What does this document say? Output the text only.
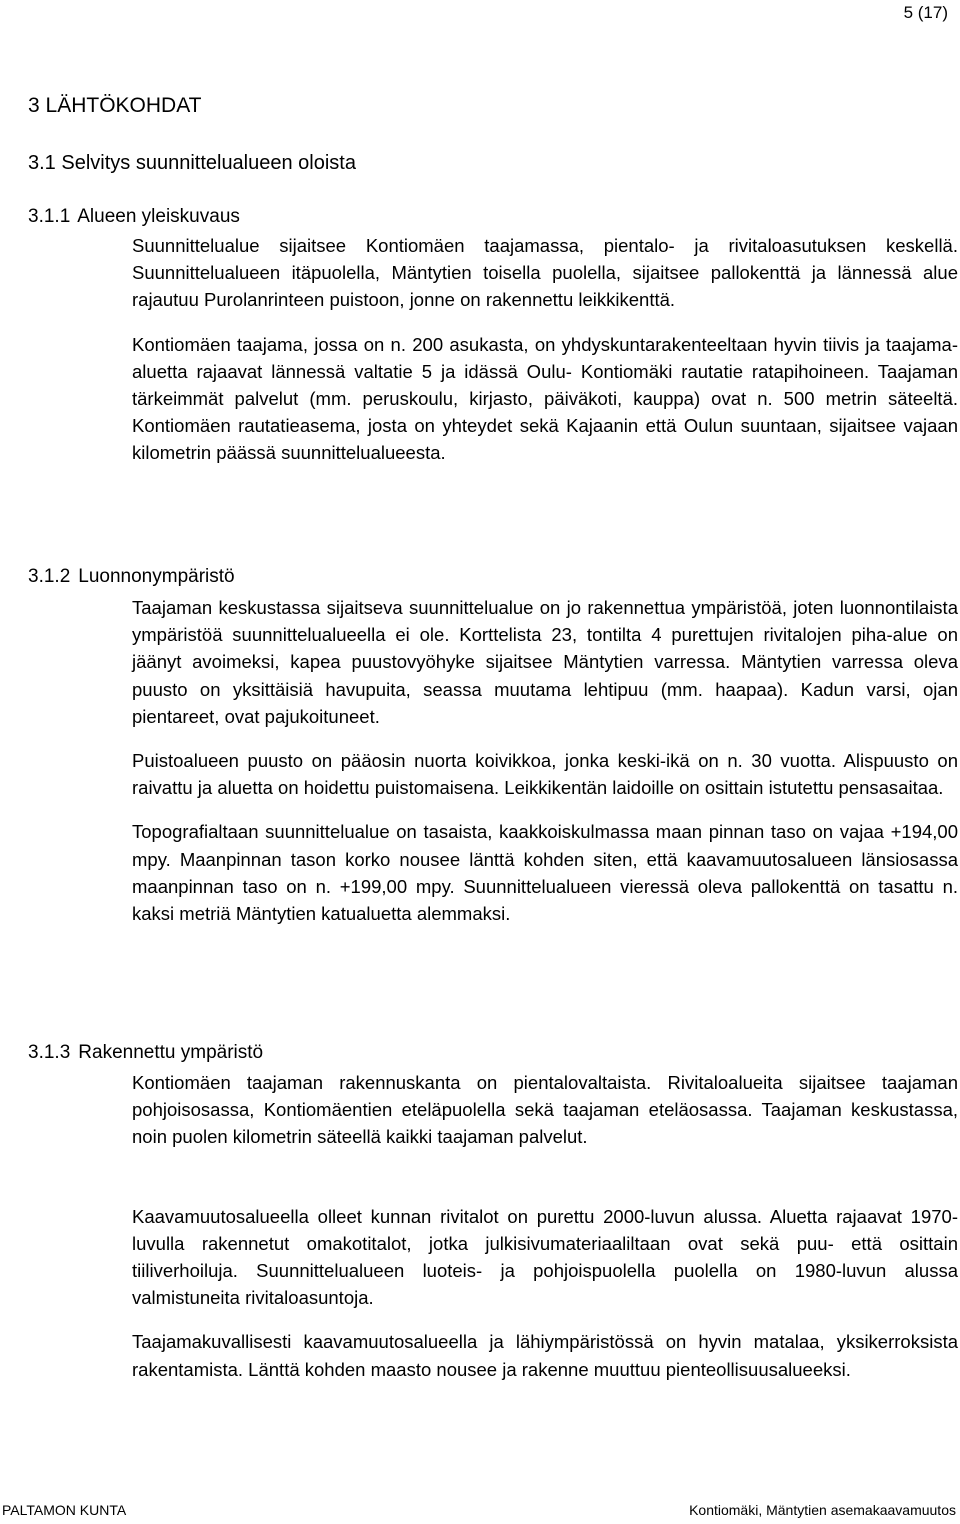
5 (17)
3 LÄHTÖKOHDAT
3.1 Selvitys suunnittelualueen oloista
3.1.1 Alueen yleiskuvaus

Suunnittelualue sijaitsee Kontiomäen taajamassa, pientalo- ja rivitaloasutuksen keskellä. Suunnittelualueen itäpuolella, Mäntytien toisella puolella, sijaitsee pallokenttä ja lännessä alue rajautuu Purolanrinteen puistoon, jonne on rakennettu leikkikenttä.

Kontiomäen taajama, jossa on n. 200 asukasta, on yhdyskuntarakenteeltaan hyvin tiivis ja taajama-aluetta rajaavat lännessä valtatie 5 ja idässä Oulu- Kontiomäki rautatie ratapihoineen. Taajaman tärkeimmät palvelut (mm. peruskoulu, kirjasto, päiväkoti, kauppa) ovat n. 500 metrin säteeltä. Kontiomäen rautatieasema, josta on yhteydet sekä Kajaanin että Oulun suuntaan, sijaitsee vajaan kilometrin päässä suunnittelualueesta.

3.1.2 Luonnonympäristö

Taajaman keskustassa sijaitseva suunnittelualue on jo rakennettua ympäristöä, joten luonnontilaista ympäristöä suunnittelualueella ei ole. Korttelista 23, tontilta 4 purettujen rivitalojen piha-alue on jäänyt avoimeksi, kapea puustovyöhyke sijaitsee Mäntytien varressa. Mäntytien varressa oleva puusto on yksittäisiä havupuita, seassa muutama lehtipuu (mm. haapaa). Kadun varsi, ojan pientareet, ovat pajukoituneet.

Puistoalueen puusto on pääosin nuorta koivikkoa, jonka keski-ikä on n. 30 vuotta. Alispuusto on raivattu ja aluetta on hoidettu puistomaisena. Leikkikentän laidoille on osittain istutettu pensasaitaa.

Topografialtaan suunnittelualue on tasaista, kaakkoiskulmassa maan pinnan taso on vajaa +194,00 mpy. Maanpinnan tason korko nousee länttä kohden siten, että kaavamuutosalueen länsiosassa maanpinnan taso on n. +199,00 mpy. Suunnittelualueen vieressä oleva pallokenttä on tasattu n. kaksi metriä Mäntytien katualuetta alemmaksi.

3.1.3 Rakennettu ympäristö

Kontiomäen taajaman rakennuskanta on pientalovaltaista. Rivitaloalueita sijaitsee taajaman pohjoisosassa, Kontiomäentien eteläpuolella sekä taajaman eteläosassa. Taajaman keskustassa, noin puolen kilometrin säteellä kaikki taajaman palvelut.

Kaavamuutosalueella olleet kunnan rivitalot on purettu 2000-luvun alussa. Aluetta rajaavat 1970-luvulla rakennetut omakotitalot, jotka julkisivumateriaaliltaan ovat sekä puu- että osittain tiiliverhoiluja. Suunnittelualueen luoteis- ja pohjoispuolella puolella on 1980-luvun alussa valmistuneita rivitaloasuntoja.

Taajamakuvallisesti kaavamuutosalueella ja lähiympäristössä on hyvin matalaa, yksikerroksista rakentamista. Länttä kohden maasto nousee ja rakenne muuttuu pienteollisuusalueeksi.

PALTAMON KUNTA	Kontiomäki, Mäntytien asemakaavamuutos
